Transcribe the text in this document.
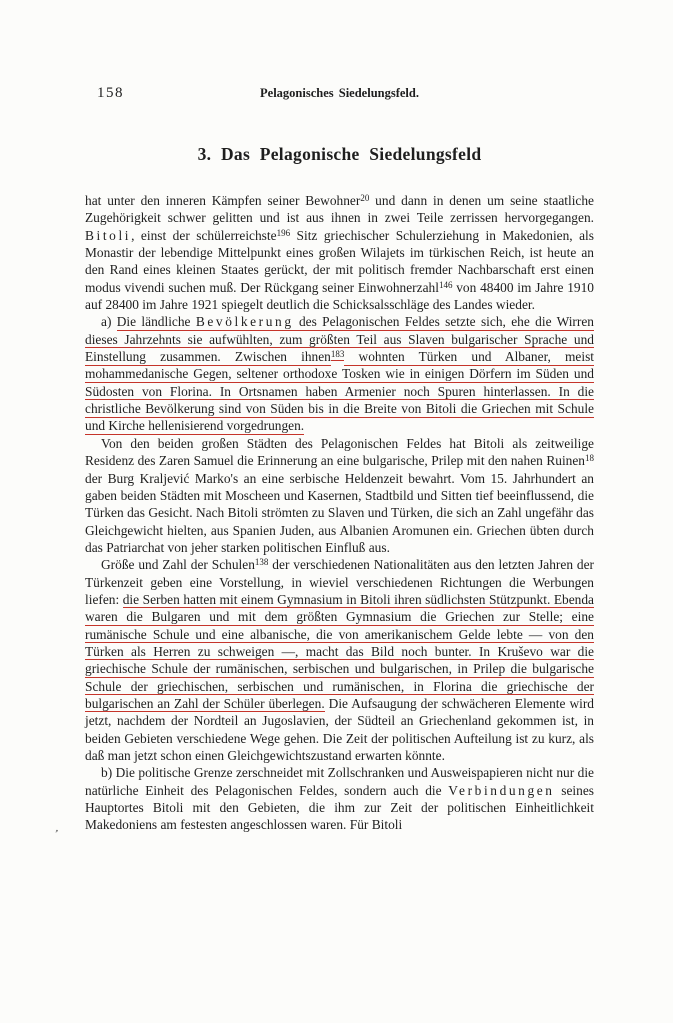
158	Pelagonisches Siedelungsfeld.
3. Das Pelagonische Siedelungsfeld

hat unter den inneren Kämpfen seiner Bewohner$^{20}$ und dann in denen um seine staatliche Zugehörigkeit schwer gelitten und ist aus ihnen in zwei Teile zerrissen hervorgegangen. Bitoli, einst der schülerreichste$^{196}$ Sitz griechischer Schulerziehung in Makedonien, als Monastir der lebendige Mittelpunkt eines großen Wilajets im türkischen Reich, ist heute an den Rand eines kleinen Staates gerückt, der mit politisch fremder Nachbarschaft erst einen modus vivendi suchen muß. Der Rückgang seiner Einwohnerzahl$^{146}$ von 48400 im Jahre 1910 auf 28400 im Jahre 1921 spiegelt deutlich die Schicksalsschläge des Landes wieder.

a) Die ländliche Bevölkerung des Pelagonischen Feldes setzte sich, ehe die Wirren dieses Jahrzehnts sie aufwühlten, zum größten Teil aus Slaven bulgarischer Sprache und Einstellung zusammen. Zwischen ihnen$^{183}$ wohnten Türken und Albaner, meist mohammedanische Gegen, seltener orthodoxe Tosken wie in einigen Dörfern im Süden und Südosten von Florina. In Ortsnamen haben Armenier noch Spuren hinterlassen. In die christliche Bevölkerung sind von Süden bis in die Breite von Bitoli die Griechen mit Schule und Kirche hellenisierend vorgedrungen.

Von den beiden großen Städten des Pelagonischen Feldes hat Bitoli als zeitweilige Residenz des Zaren Samuel die Erinnerung an eine bulgarische, Prilep mit den nahen Ruinen$^{18}$ der Burg Kraljević Marko's an eine serbische Heldenzeit bewahrt. Vom 15. Jahrhundert an gaben beiden Städten mit Moscheen und Kasernen, Stadtbild und Sitten tief beeinflussend, die Türken das Gesicht. Nach Bitoli strömten zu Slaven und Türken, die sich an Zahl ungefähr das Gleichgewicht hielten, aus Spanien Juden, aus Albanien Aromunen ein. Griechen übten durch das Patriarchat von jeher starken politischen Einfluß aus.

Größe und Zahl der Schulen$^{138}$ der verschiedenen Nationalitäten aus den letzten Jahren der Türkenzeit geben eine Vorstellung, in wieviel verschiedenen Richtungen die Werbungen liefen: die Serben hatten mit einem Gymnasium in Bitoli ihren südlichsten Stützpunkt. Ebenda waren die Bulgaren und mit dem größten Gymnasium die Griechen zur Stelle; eine rumänische Schule und eine albanische, die von amerikanischem Gelde lebte — von den Türken als Herren zu schweigen —, macht das Bild noch bunter. In Kruševo war die griechische Schule der rumänischen, serbischen und bulgarischen, in Prilep die bulgarische Schule der griechischen, serbischen und rumänischen, in Florina die griechische der bulgarischen an Zahl der Schüler überlegen. Die Aufsaugung der schwächeren Elemente wird jetzt, nachdem der Nordteil an Jugoslavien, der Südteil an Griechenland gekommen ist, in beiden Gebieten verschiedene Wege gehen. Die Zeit der politischen Aufteilung ist zu kurz, als daß man jetzt schon einen Gleichgewichtszustand erwarten könnte.

b) Die politische Grenze zerschneidet mit Zollschranken und Ausweispapieren nicht nur die natürliche Einheit des Pelagonischen Feldes, sondern auch die Verbindungen seines Hauptortes Bitoli mit den Gebieten, die ihm zur Zeit der politischen Einheitlichkeit Makedoniens am festesten angeschlossen waren. Für Bitoli

’
